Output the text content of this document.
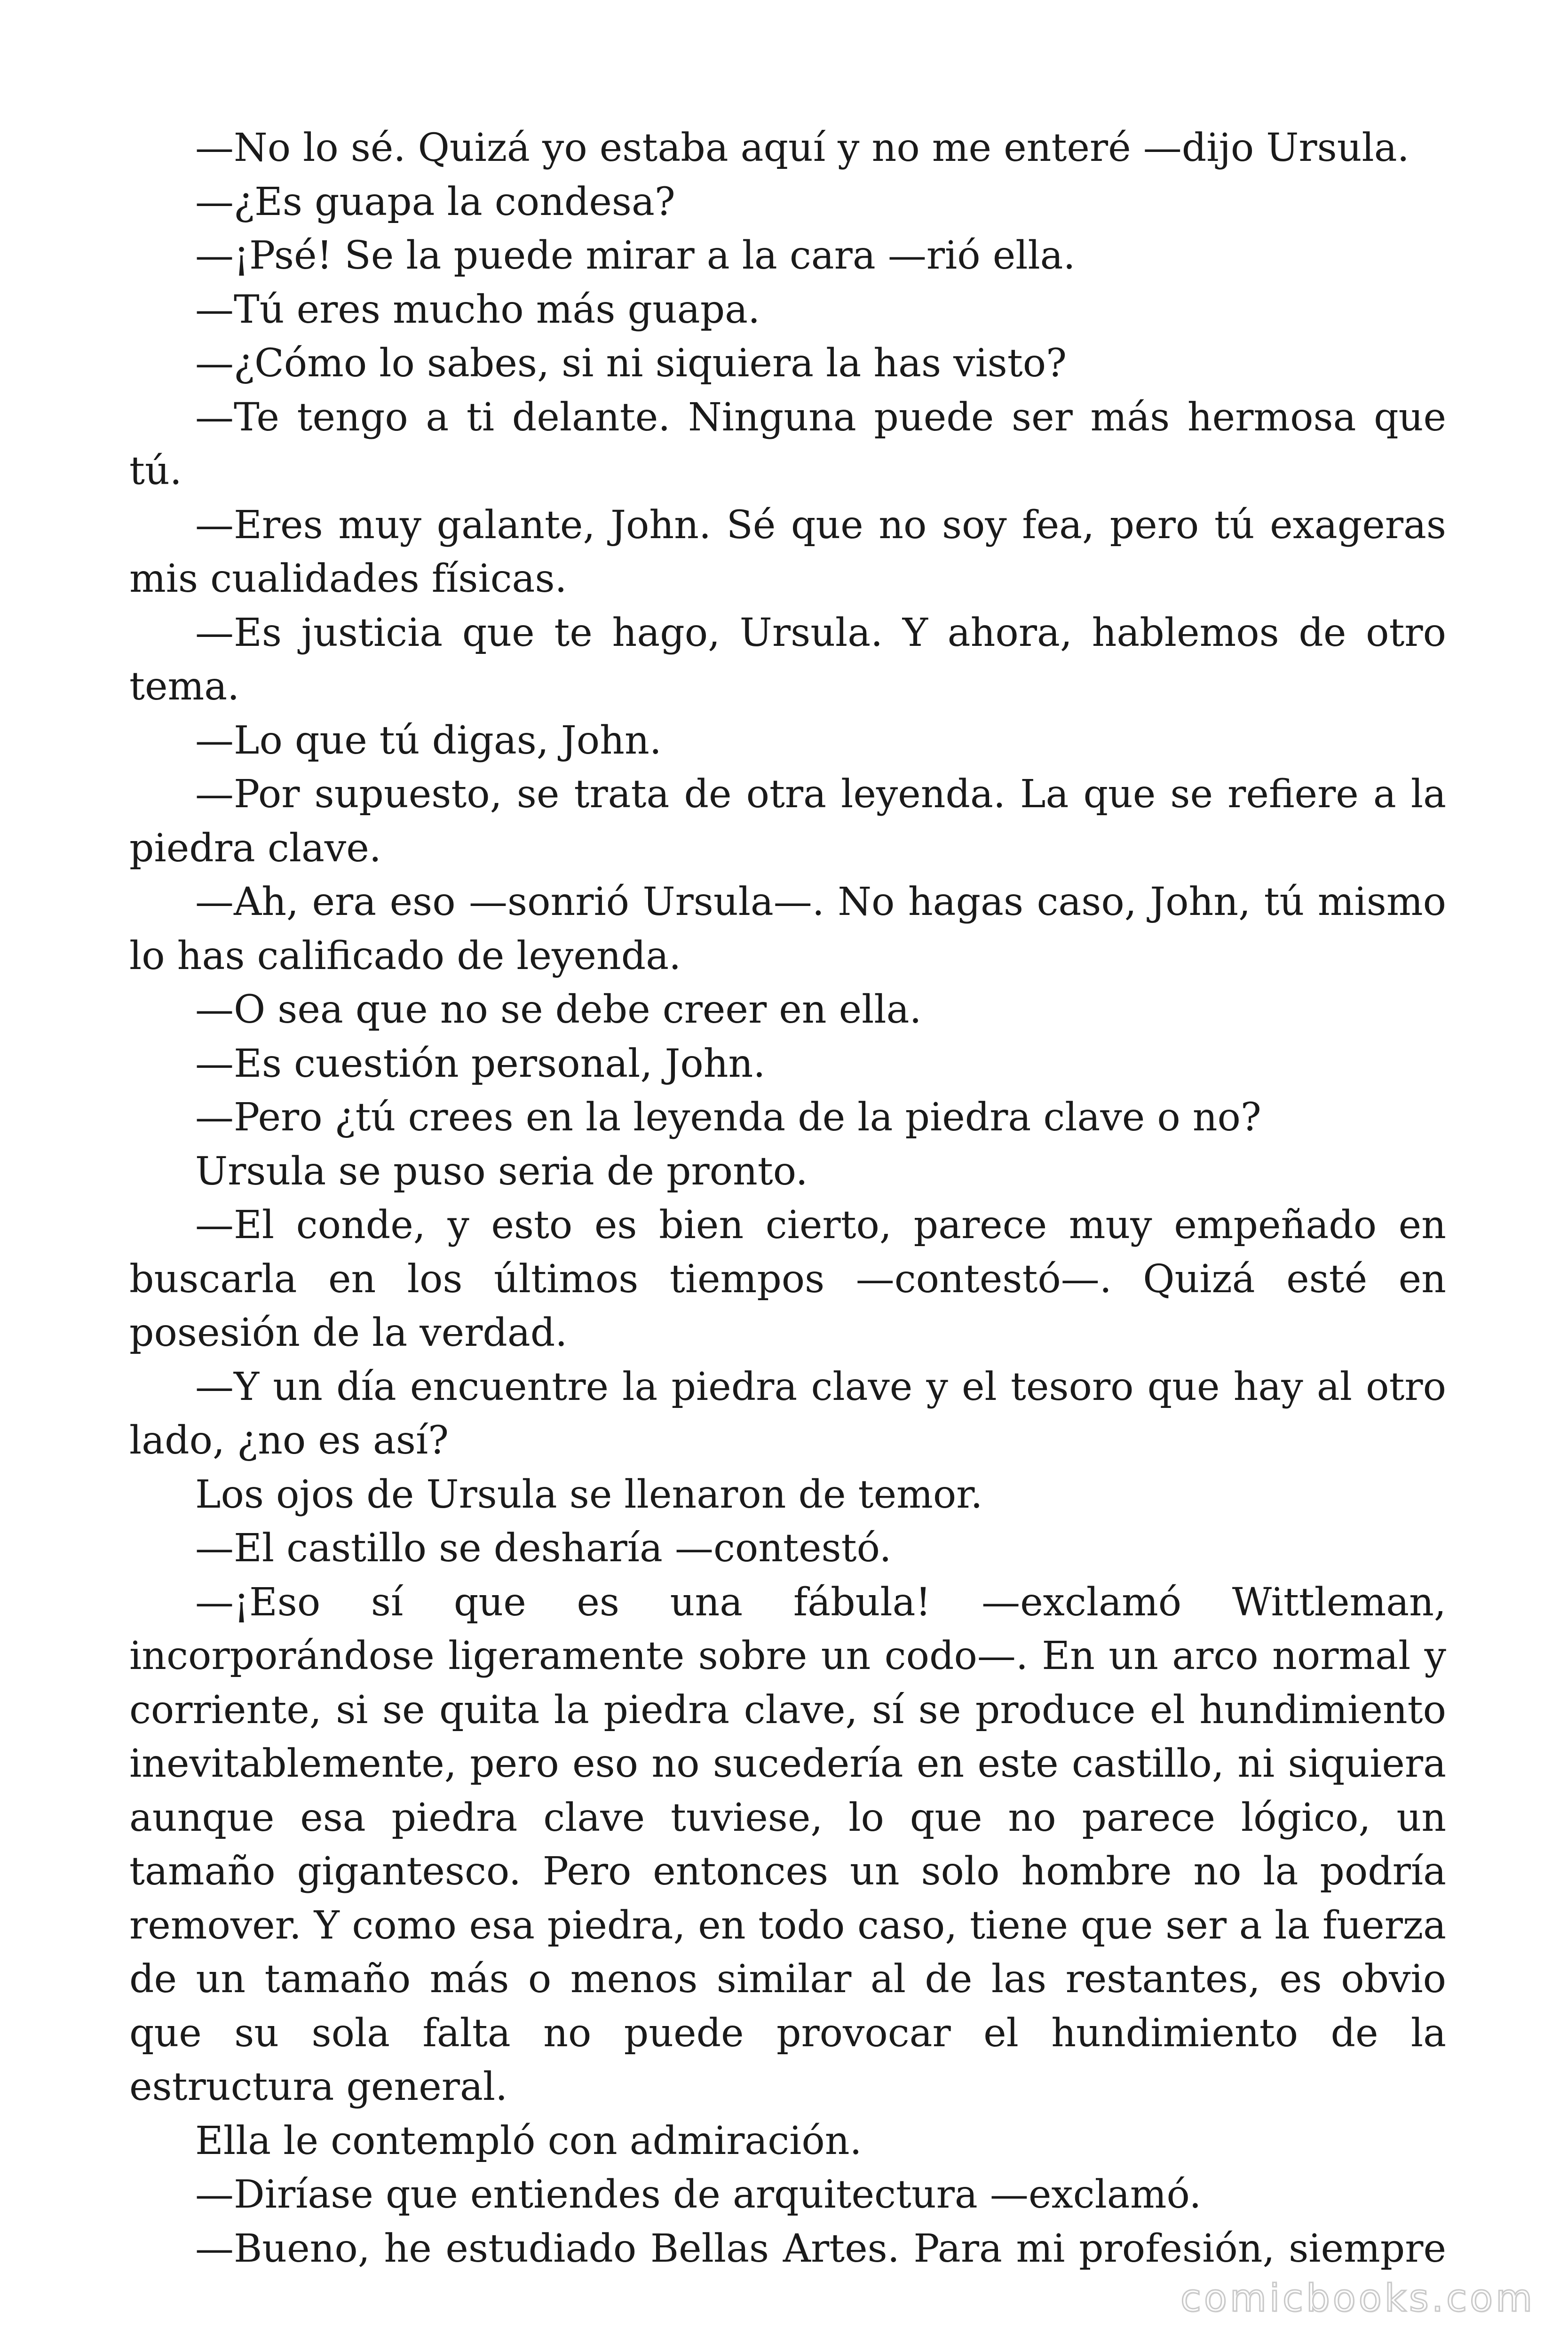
—No lo sé. Quizá yo estaba aquí y no me enteré —dijo Ursula.

—¿Es guapa la condesa?

—¡Psé! Se la puede mirar a la cara —rió ella.

—Tú eres mucho más guapa.

—¿Cómo lo sabes, si ni siquiera la has visto?

—Te tengo a ti delante. Ninguna puede ser más hermosa que tú.

—Eres muy galante, John. Sé que no soy fea, pero tú exageras mis cualidades físicas.

—Es justicia que te hago, Ursula. Y ahora, hablemos de otro tema.

—Lo que tú digas, John.

—Por supuesto, se trata de otra leyenda. La que se refiere a la piedra clave.

—Ah, era eso —sonrió Ursula—. No hagas caso, John, tú mismo lo has calificado de leyenda.

—O sea que no se debe creer en ella.

—Es cuestión personal, John.

—Pero ¿tú crees en la leyenda de la piedra clave o no?

Ursula se puso seria de pronto.

—El conde, y esto es bien cierto, parece muy empeñado en buscarla en los últimos tiempos —contestó—. Quizá esté en posesión de la verdad.

—Y un día encuentre la piedra clave y el tesoro que hay al otro lado, ¿no es así?

Los ojos de Ursula se llenaron de temor.

—El castillo se desharía —contestó.

—¡Eso sí que es una fábula! —exclamó Wittleman, incorporándose ligeramente sobre un codo—. En un arco normal y corriente, si se quita la piedra clave, sí se produce el hundimiento inevitablemente, pero eso no sucedería en este castillo, ni siquiera aunque esa piedra clave tuviese, lo que no parece lógico, un tamaño gigantesco. Pero entonces un solo hombre no la podría remover. Y como esa piedra, en todo caso, tiene que ser a la fuerza de un tamaño más o menos similar al de las restantes, es obvio que su sola falta no puede provocar el hundimiento de la estructura general.

Ella le contempló con admiración.

—Diríase que entiendes de arquitectura —exclamó.

—Bueno, he estudiado Bellas Artes. Para mi profesión, siempre

comicbooks.com
